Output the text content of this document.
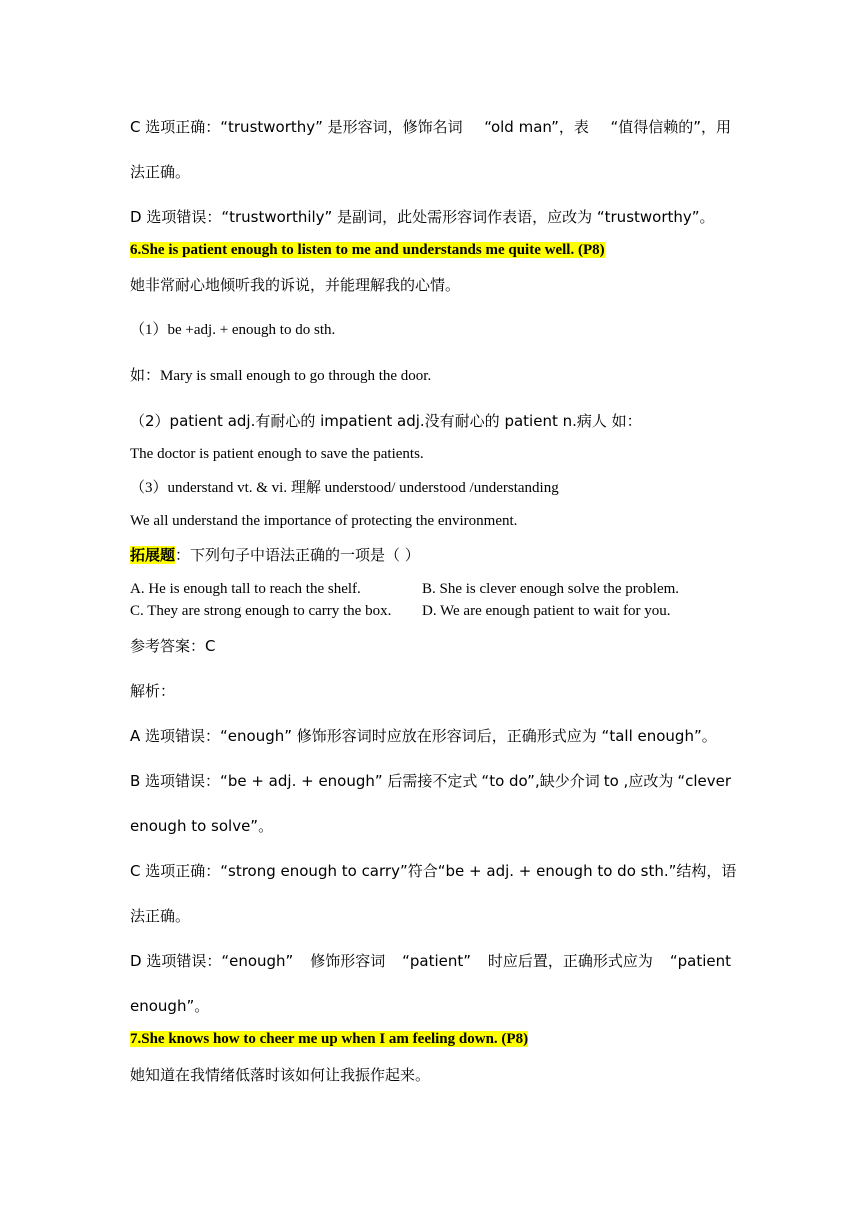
C 选项正确：“trustworthy” 是形容词，修饰名词 “old man”，表 “值得信赖的”，用

法正确。

D 选项错误：“trustworthily” 是副词，此处需形容词作表语，应改为 “trustworthy”。

6.She is patient enough to listen to me and understands me quite well. (P8)

她非常耐心地倾听我的诉说，并能理解我的心情。

（1）be +adj. + enough to do sth.

如：Mary is small enough to go through the door.

（2）patient adj.有耐心的 impatient adj.没有耐心的 patient n.病人 如：

The doctor is patient enough to save the patients.

（3）understand vt. & vi. 理解 understood/ understood /understanding

We all understand the importance of protecting the environment.

拓展题：下列句子中语法正确的一项是（ ）

A. He is enough tall to reach the shelf.	B. She is clever enough solve the problem.

C. They are strong enough to carry the box. D. We are enough patient to wait for you.

参考答案：C

解析：

A 选项错误：“enough” 修饰形容词时应放在形容词后，正确形式应为 “tall enough”。

B 选项错误：“be + adj. + enough” 后需接不定式 “to do”,缺少介词 to ,应改为 “clever

enough to solve”。

C 选项正确：“strong enough to carry” 符合 “be + adj. + enough to do sth.” 结构，语

法正确。

D 选项错误：“enough” 修饰形容词 “patient” 时应后置，正确形式应为 “patient

enough”。

7.She knows how to cheer me up when I am feeling down. (P8)

她知道在我情绪低落时该如何让我振作起来。
